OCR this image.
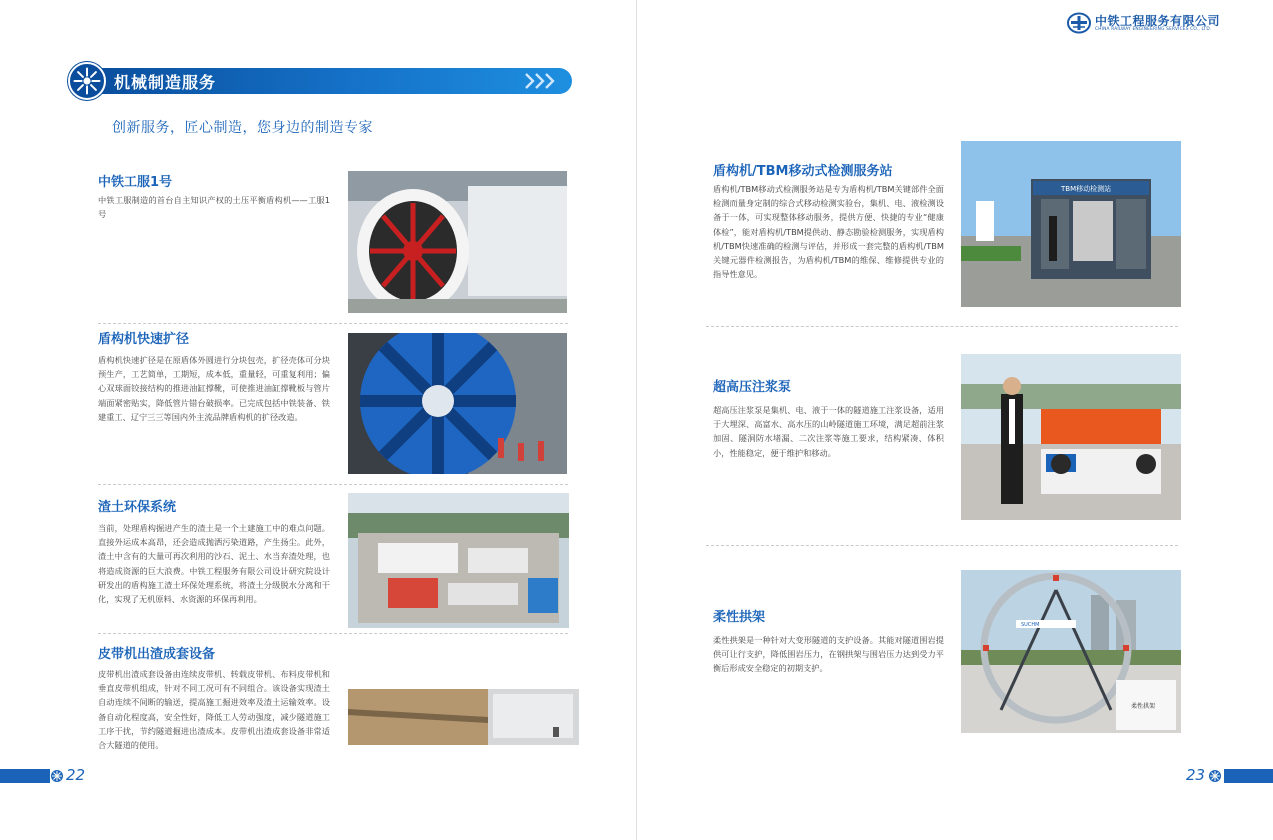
中铁工程服务有限公司
CHINA RAILWAY ENGINEERING SERVICES CO., LTD.
机械制造服务
创新服务，匠心制造，您身边的制造专家
中铁工服1号
中铁工服制造的首台自主知识产权的土压平衡盾构机——工服1号
盾构机快速扩径
盾构机快速扩径是在原盾体外圆进行分块包壳，扩径壳体可分块预生产，工艺简单，工期短，成本低，重量轻，可重复利用；偏心双球面铰接结构的推进油缸撑靴，可使推进油缸撑靴板与管片端面紧密贴实，降低管片错台破损率。已完成包括中铁装备、铁建重工、辽宁三三等国内外主流品牌盾构机的扩径改造。
渣土环保系统
当前，处理盾构掘进产生的渣土是一个土建施工中的难点问题。直接外运成本高昂，还会造成抛洒污染道路，产生扬尘。此外，渣土中含有的大量可再次利用的沙石、泥土、水当弃渣处理，也将造成资源的巨大浪费。中铁工程服务有限公司设计研究院设计研发出的盾构施工渣土环保处理系统，将渣土分级脱水分离和干化，实现了无机原料、水资源的环保再利用。
皮带机出渣成套设备
皮带机出渣成套设备由连续皮带机、转载皮带机、布料皮带机和垂直皮带机组成，针对不同工况可有不同组合。该设备实现渣土自动连续不间断的输送，提高施工掘进效率及渣土运输效率。设备自动化程度高，安全性好，降低工人劳动强度，减少隧道施工工序干扰，节约隧道掘进出渣成本。皮带机出渣成套设备非常适合大隧道的使用。
22
盾构机/TBM移动式检测服务站
盾构机/TBM移动式检测服务站是专为盾构机/TBM关键部件全面检测而量身定制的综合式移动检测实验台，集机、电、液检测设备于一体，可实现整体移动服务，提供方便、快捷的专业“健康体检”，能对盾构机/TBM提供动、静态勘验检测服务，实现盾构机/TBM快速准确的检测与评估，并形成一套完整的盾构机/TBM关键元器件检测报告，为盾构机/TBM的维保、维修提供专业的指导性意见。
TBM移动检测站
超高压注浆泵
超高压注浆泵是集机、电、液于一体的隧道施工注浆设备，适用于大埋深、高富水、高水压的山岭隧道施工环境，满足超前注浆加固、隧洞防水堵漏、二次注浆等施工要求，结构紧凑、体积小，性能稳定，便于维护和移动。
柔性拱架
柔性拱架是一种针对大变形隧道的支护设备。其能对隧道围岩提供可让行支护，降低围岩压力，在钢拱架与围岩压力达到受力平衡后形成安全稳定的初期支护。
SUCHM
柔性拱架
23
